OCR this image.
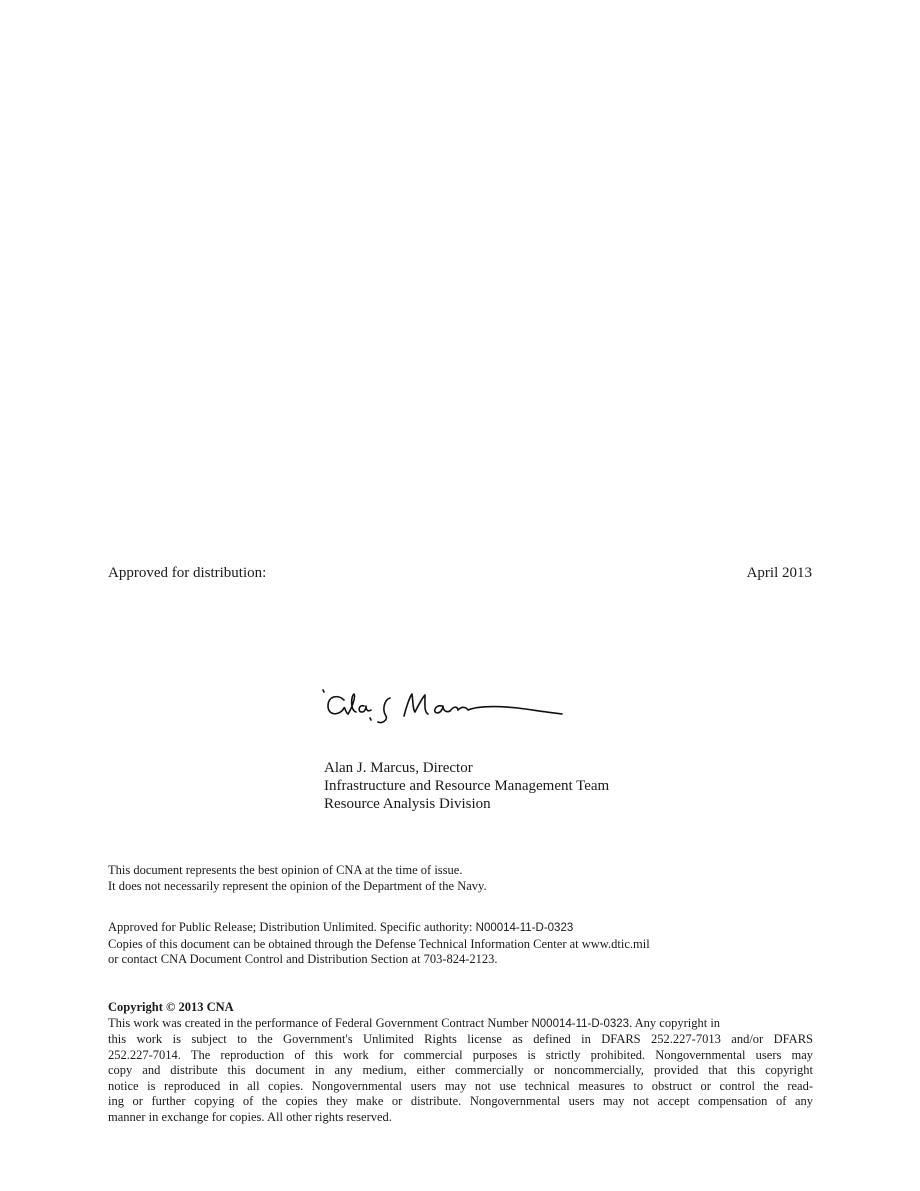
Approved for distribution:	April 2013
Alan J. Marcus, Director
Infrastructure and Resource Management Team
Resource Analysis Division
This document represents the best opinion of CNA at the time of issue.
It does not necessarily represent the opinion of the Department of the Navy.
Approved for Public Release; Distribution Unlimited. Specific authority: N00014-11-D-0323
Copies of this document can be obtained through the Defense Technical Information Center at www.dtic.mil
or contact CNA Document Control and Distribution Section at 703-824-2123.
Copyright © 2013 CNA
This work was created in the performance of Federal Government Contract Number N00014-11-D-0323. Any copyright in
this work is subject to the Government's Unlimited Rights license as defined in DFARS 252.227-7013 and/or DFARS
252.227-7014. The reproduction of this work for commercial purposes is strictly prohibited. Nongovernmental users may
copy and distribute this document in any medium, either commercially or noncommercially, provided that this copyright
notice is reproduced in all copies. Nongovernmental users may not use technical measures to obstruct or control the read-
ing or further copying of the copies they make or distribute. Nongovernmental users may not accept compensation of any
manner in exchange for copies. All other rights reserved.
